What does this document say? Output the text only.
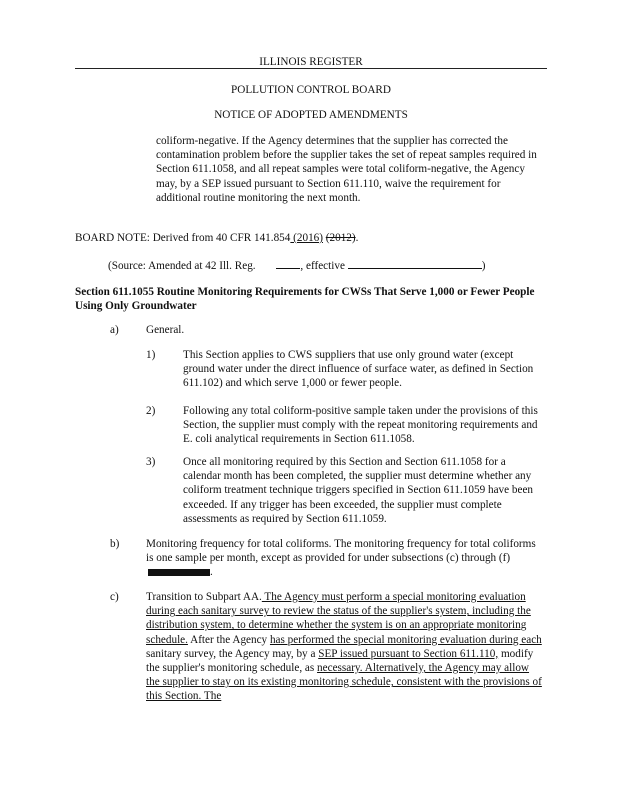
ILLINOIS REGISTER
POLLUTION CONTROL BOARD
NOTICE OF ADOPTED AMENDMENTS
coliform-negative. If the Agency determines that the supplier has corrected the contamination problem before the supplier takes the set of repeat samples required in Section 611.1058, and all repeat samples were total coliform-negative, the Agency may, by a SEP issued pursuant to Section 611.110, waive the requirement for additional routine monitoring the next month.
BOARD NOTE: Derived from 40 CFR 141.854 (2016) (2012).
(Source: Amended at 42 Ill. Reg.	, effective	)
Section 611.1055 Routine Monitoring Requirements for CWSs That Serve 1,000 or Fewer People Using Only Groundwater
a) General.
1) This Section applies to CWS suppliers that use only ground water (except ground water under the direct influence of surface water, as defined in Section 611.102) and which serve 1,000 or fewer people.
2) Following any total coliform-positive sample taken under the provisions of this Section, the supplier must comply with the repeat monitoring requirements and E. coli analytical requirements in Section 611.1058.
3) Once all monitoring required by this Section and Section 611.1058 for a calendar month has been completed, the supplier must determine whether any coliform treatment technique triggers specified in Section 611.1059 have been exceeded. If any trigger has been exceeded, the supplier must complete assessments as required by Section 611.1059.
b) Monitoring frequency for total coliforms. The monitoring frequency for total coliforms is one sample per month, except as provided for under subsections (c) through (f) .
c) Transition to Subpart AA. The Agency must perform a special monitoring evaluation during each sanitary survey to review the status of the supplier's system, including the distribution system, to determine whether the system is on an appropriate monitoring schedule. After the Agency has performed the special monitoring evaluation during each sanitary survey, the Agency may, by a SEP issued pursuant to Section 611.110, modify the supplier's monitoring schedule, as necessary. Alternatively, the Agency may allow the supplier to stay on its existing monitoring schedule, consistent with the provisions of this Section. The
